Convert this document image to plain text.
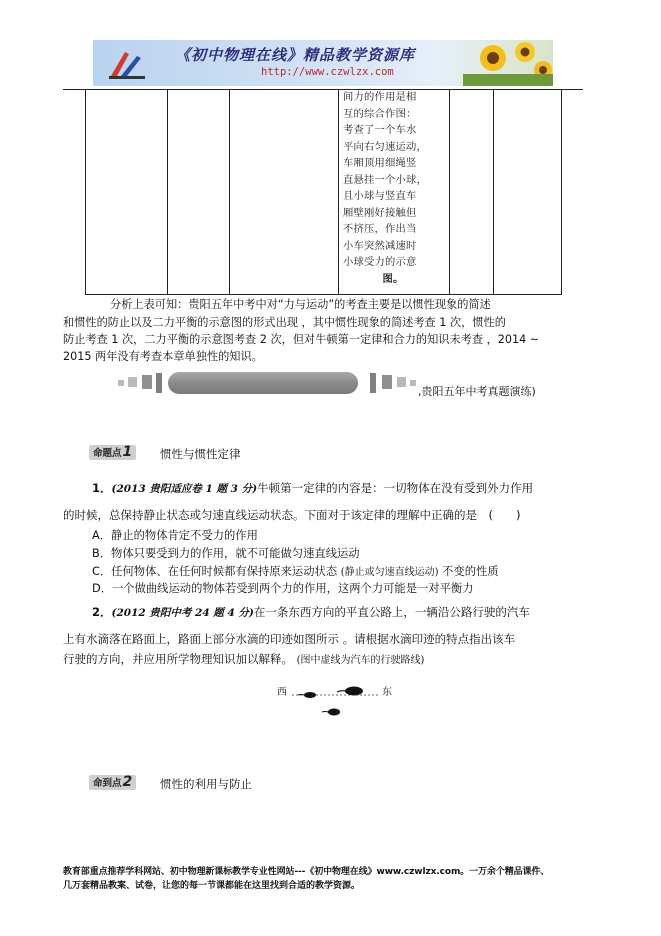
《初中物理在线》精品教学资源库
http://www.czwlzx.com
间力的作用是相
互的综合作图：
考查了一个车水
平向右匀速运动，
车厢顶用细绳竖
直悬挂一个小球，
且小球与竖直车
厢壁刚好接触但
不挤压，作出当
小车突然减速时
小球受力的示意
图。
分析上表可知：贵阳五年中考中对“力与运动”的考查主要是以惯性现象的简述
和惯性的防止以及二力平衡的示意图的形式出现 ，其中惯性现象的简述考查 1 次，惯性的
防止考查 1 次，二力平衡的示意图考查 2 次，但对牛顿第一定律和合力的知识未考查 ，2014 ~
2015 两年没有考查本章单独性的知识。
,贵阳五年中考真题演练)
命题点1	惯性与惯性定律
1．(2013 贵阳适应卷 1 题 3 分)牛顿第一定律的内容是：一切物体在没有受到外力作用
的时候，总保持静止状态或匀速直线运动状态。下面对于该定律的理解中正确的是　(　　)
A．静止的物体肯定不受力的作用
B．物体只要受到力的作用，就不可能做匀速直线运动
C．任何物体、在任何时候都有保持原来运动状态 (静止或匀速直线运动) 不变的性质
D．一个做曲线运动的物体若受到两个力的作用，这两个力可能是一对平衡力
2．(2012 贵阳中考 24 题 4 分)在一条东西方向的平直公路上，一辆沿公路行驶的汽车
上有水滴落在路面上，路面上部分水滴的印迹如图所示 。请根据水滴印迹的特点指出该车
行驶的方向，并应用所学物理知识加以解释。 (图中虚线为汽车的行驶路线)
西	东
命到点2	惯性的利用与防止
教育部重点推荐学科网站、初中物理新课标教学专业性网站---《初中物理在线》www.czwlzx.com。一万余个精品课件、
几万套精品教案、试卷，让您的每一节课都能在这里找到合适的教学资源。
